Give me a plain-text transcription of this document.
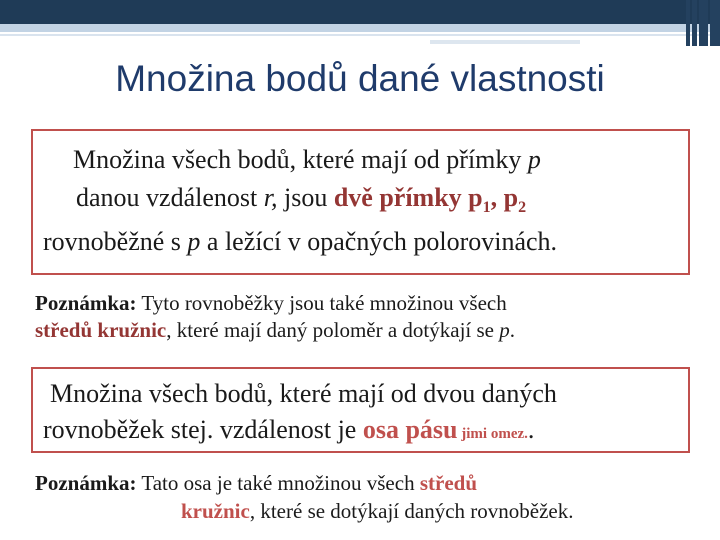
Množina bodů dané vlastnosti
Množina všech bodů, které mají od přímky p
danou vzdálenost r, jsou dvě přímky $p_1$, $p_2$
rovnoběžné s p a ležící v opačných polorovinách.
Poznámka: Tyto rovnoběžky jsou také množinou všech
středů kružnic, které mají daný poloměr a dotýkají se p.
Množina všech bodů, které mají od dvou daných
rovnoběžek stej. vzdálenost je osa pásu jimi omez..
Poznámka: Tato osa je také množinou všech středů
kružnic, které se dotýkají daných rovnoběžek.
